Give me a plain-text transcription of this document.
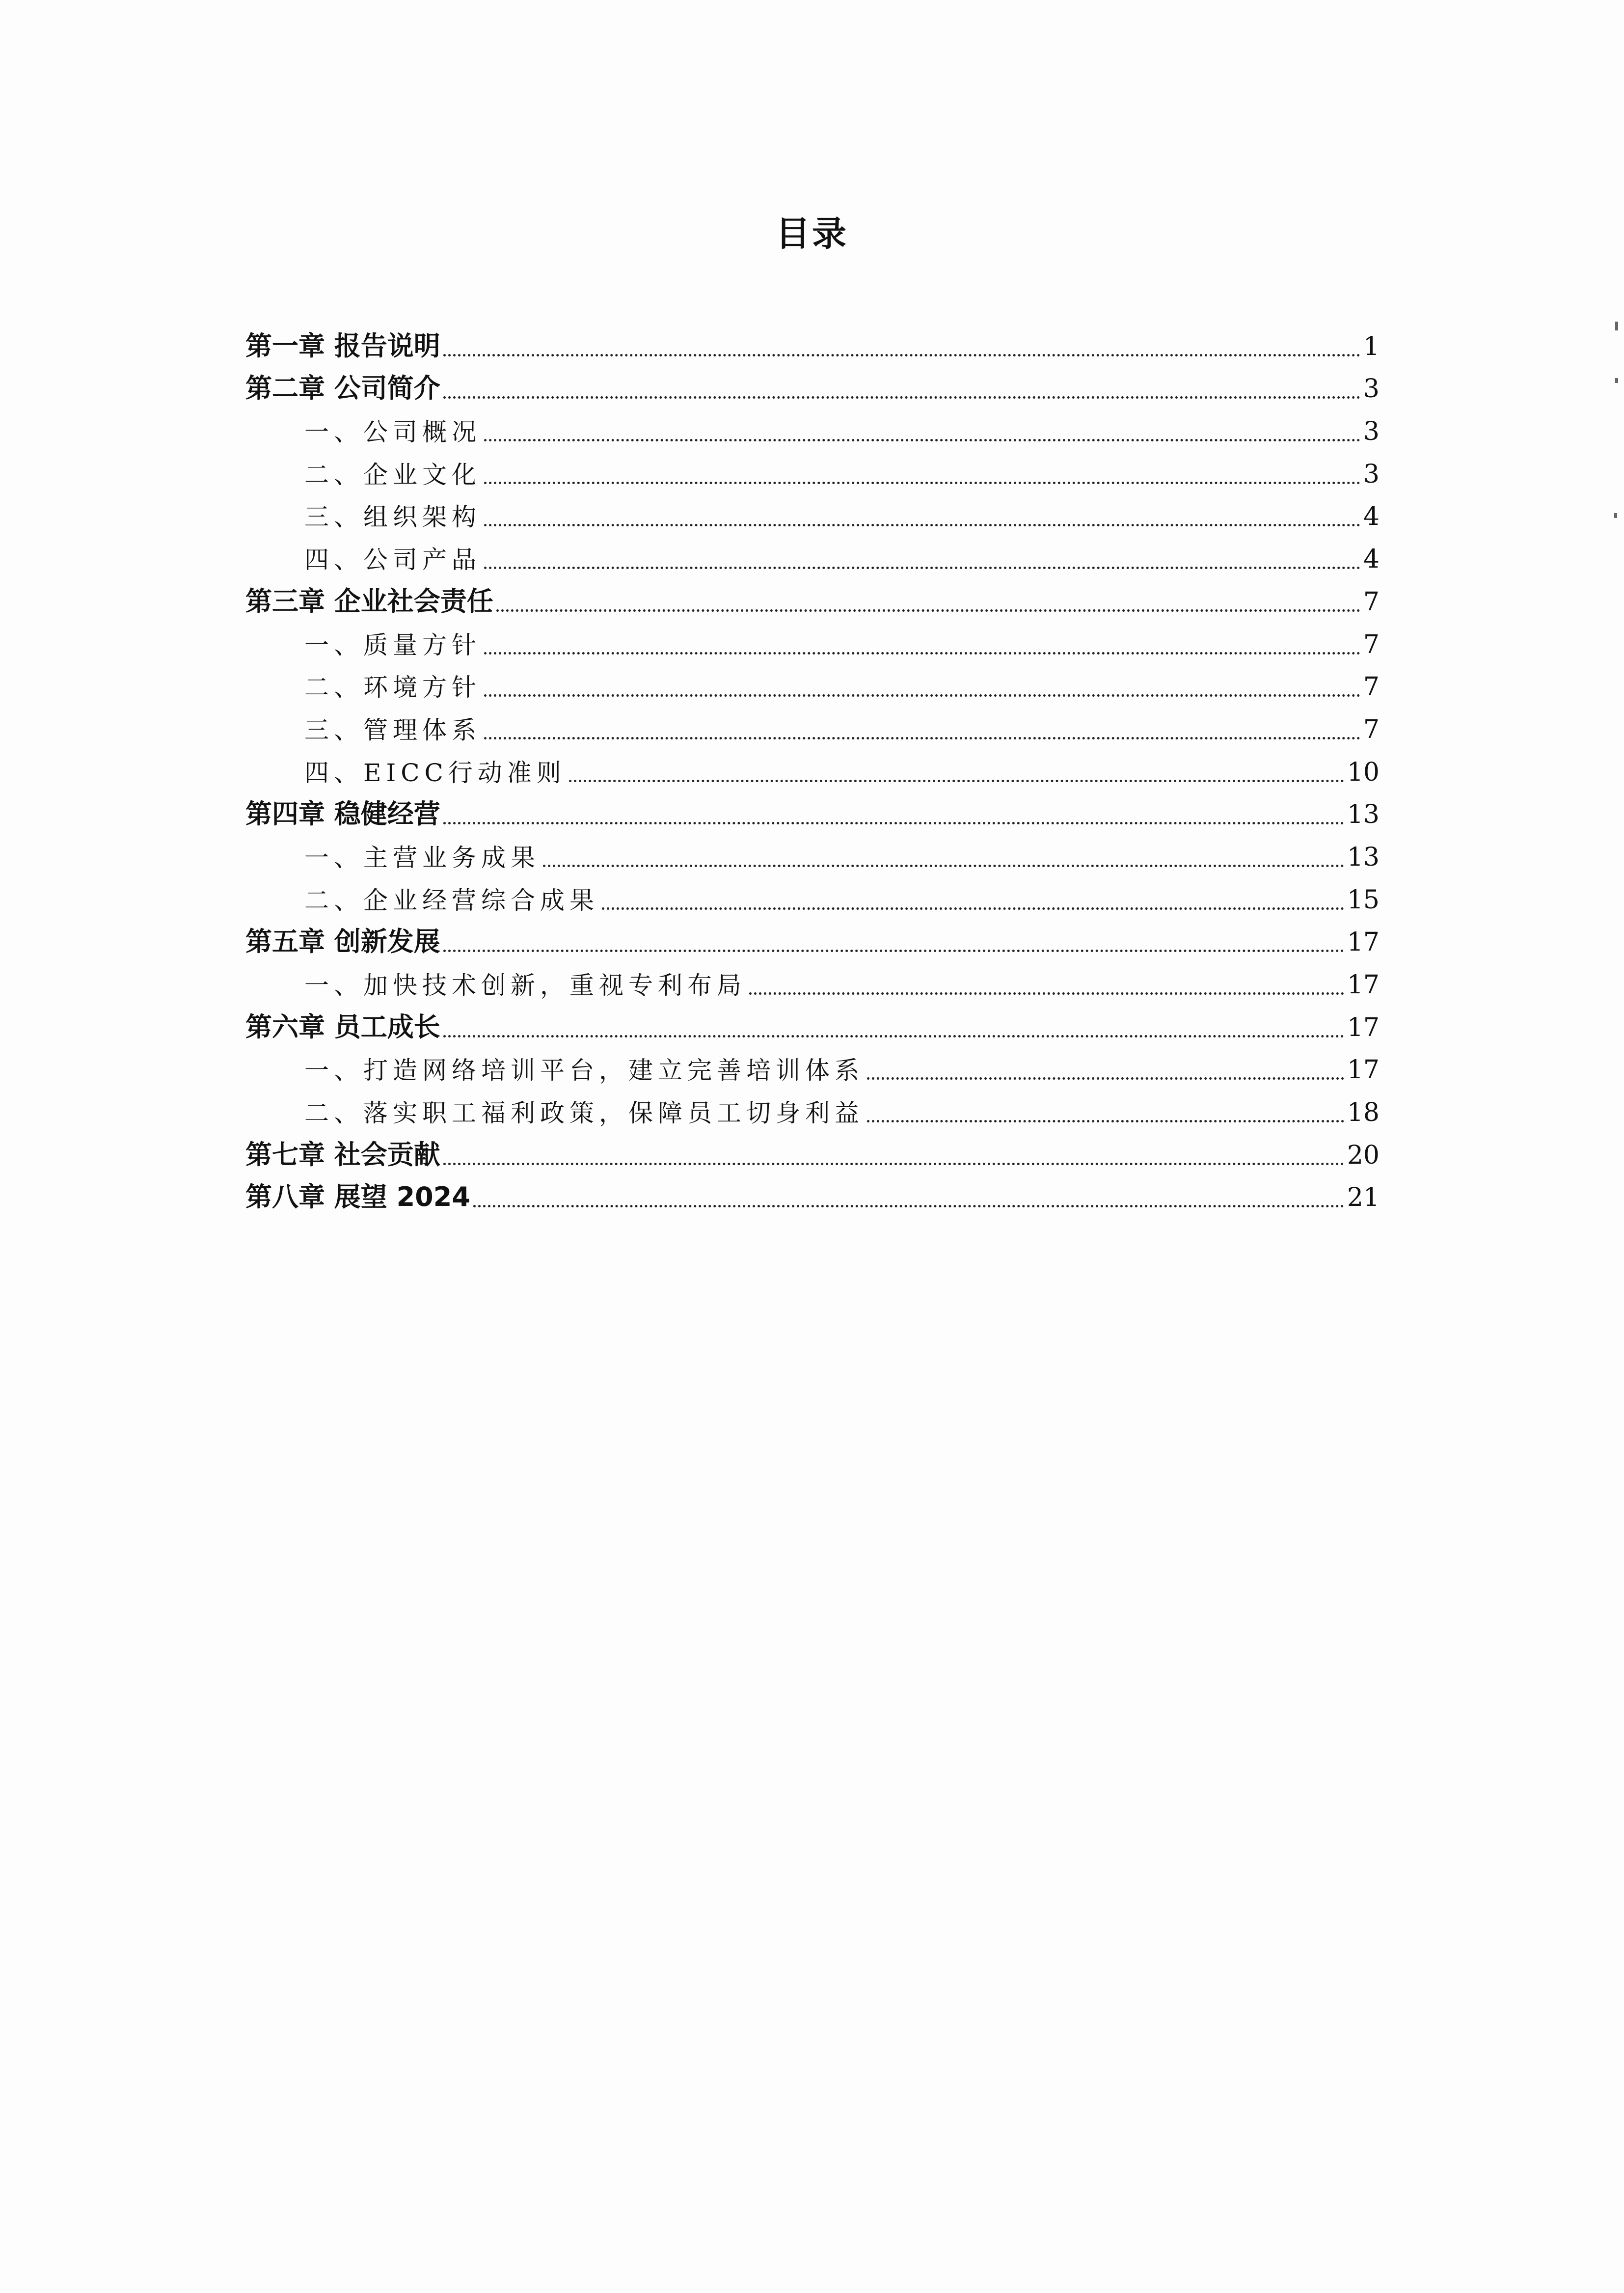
目录
第一章 报告说明	1
第二章 公司简介	3
一、公司概况	3
二、企业文化	3
三、组织架构	4
四、公司产品	4
第三章 企业社会责任	7
一、质量方针	7
二、环境方针	7
三、管理体系	7
四、EICC行动准则	10
第四章 稳健经营	13
一、主营业务成果	13
二、企业经营综合成果	15
第五章 创新发展	17
一、加快技术创新，重视专利布局	17
第六章 员工成长	17
一、打造网络培训平台，建立完善培训体系	17
二、落实职工福利政策，保障员工切身利益	18
第七章 社会贡献	20
第八章 展望 2024	21
